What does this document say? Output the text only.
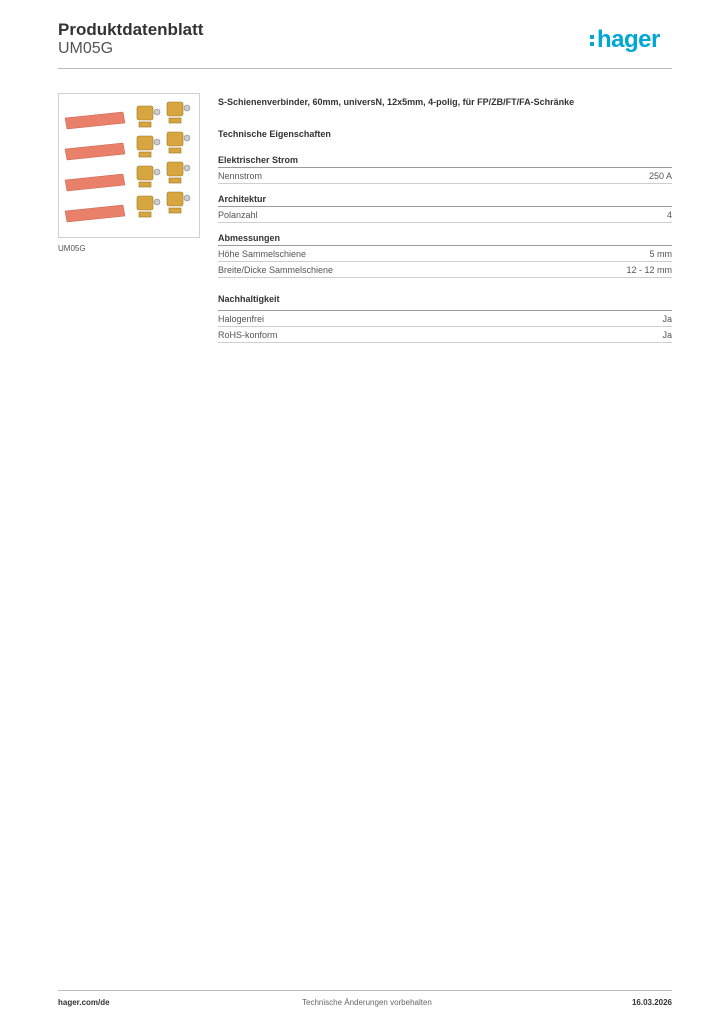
Produktdatenblatt
UM05G	hager
UM05G
S-Schienenverbinder, 60mm, universN, 12x5mm, 4-polig, für FP/ZB/FT/FA-Schränke
Technische Eigenschaften
Elektrischer Strom
Nennstrom	250 A
Architektur
Polanzahl	4
Abmessungen
Höhe Sammelschiene	5 mm
Breite/Dicke Sammelschiene	12 - 12 mm
Nachhaltigkeit
Halogenfrei	Ja
RoHS-konform	Ja
hager.com/de	Technische Änderungen vorbehalten	16.03.2026
